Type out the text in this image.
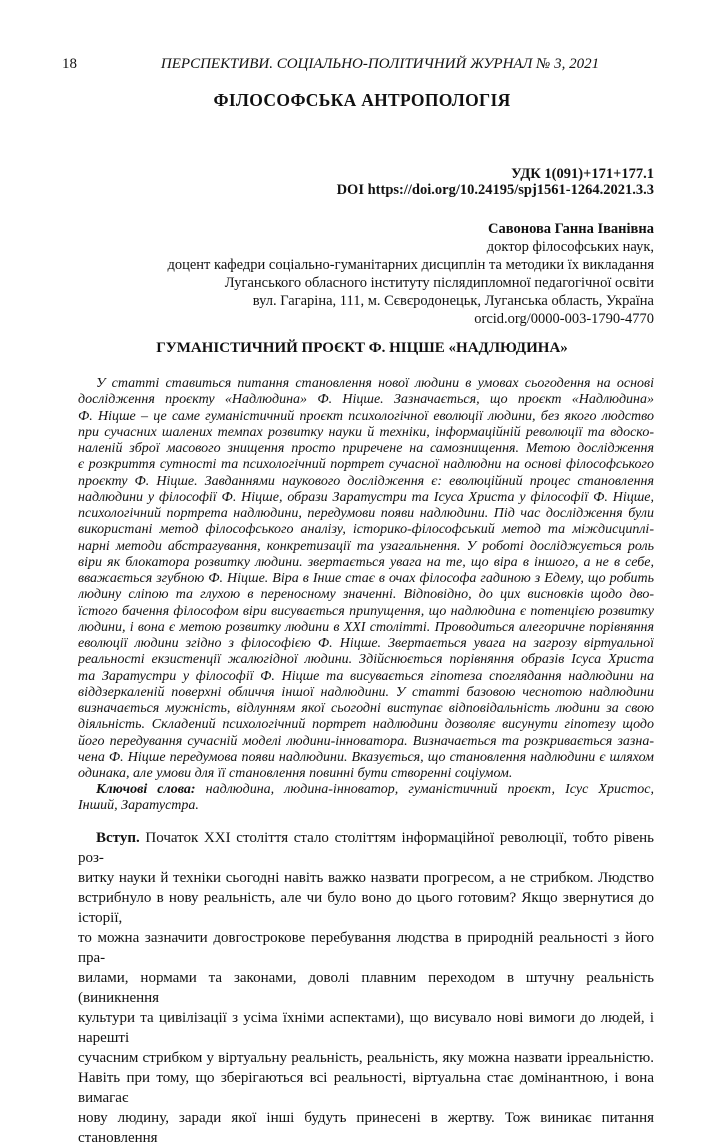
18	ПЕРСПЕКТИВИ. СОЦІАЛЬНО-ПОЛІТИЧНИЙ ЖУРНАЛ № 3, 2021
ФІЛОСОФСЬКА АНТРОПОЛОГІЯ
УДК 1(091)+171+177.1
DOI https://doi.org/10.24195/spj1561-1264.2021.3.3
Савонова Ганна Іванівна
доктор філософських наук,
доцент кафедри соціально-гуманітарних дисциплін та методики їх викладання
Луганського обласного інституту післядипломної педагогічної освіти
вул. Гагаріна, 111, м. Сєвєродонецьк, Луганська область, Україна
orcid.org/0000-003-1790-4770
ГУМАНІСТИЧНИЙ ПРОЄКТ Ф. НІЦШЕ «НАДЛЮДИНА»
У статті ставиться питання становлення нової людини в умовах сьогодення на основі
дослідження проєкту «Надлюдина» Ф. Ніцше. Зазначається, що проєкт «Надлюдина»
Ф. Ніцше – це саме гуманістичний проєкт психологічної еволюції людини, без якого людство
при сучасних шалених темпах розвитку науки й техніки, інформаційній революції та вдоско-
наленій зброї масового знищення просто приречене на самознищення. Метою дослідження
є розкриття сутності та психологічний портрет сучасної надлюдни на основі філософського
проєкту Ф. Ніцше. Завданнями наукового дослідження є: еволюційний процес становлення
надлюдини у філософії Ф. Ніцше, образи Заратустри та Ісуса Христа у філософії Ф. Ніцше,
психологічний портрета надлюдини, передумови появи надлюдини. Під час дослідження були
використані метод філософського аналізу, історико-філософський метод та міждисциплі-
нарні методи абстрагування, конкретизації та узагальнення. У роботі досліджується роль
віри як блокатора розвитку людини. звертається увага на те, що віра в іншого, а не в себе,
вважається згубною Ф. Ніцше. Віра в Інше стає в очах філософа гадиною з Едему, що робить
людину сліпою та глухою в переносному значенні. Відповідно, до цих висновків щодо дво-
їстого бачення філософом віри висувається припущення, що надлюдина є потенцією розвитку
людини, і вона є метою розвитку людини в XXI столітті. Проводиться алегоричне порівняння
еволюції людини згідно з філософією Ф. Ніцше. Звертається увага на загрозу віртуальної
реальності екзистенції жалюгідної людини. Здійснюється порівняння образів Ісуса Христа
та Заратустри у філософії Ф. Ніцше та висувається гіпотеза споглядання надлюдини на
віддзеркаленій поверхні обличчя іншої надлюдини. У статті базовою чеснотою надлюдини
визначається мужність, відлунням якої сьогодні виступає відповідальність людини за свою
діяльність. Складений психологічний портрет надлюдини дозволяє висунути гіпотезу щодо
його передування сучасній моделі людини-інноватора. Визначається та розкривається зазна-
чена Ф. Ніцше передумова появи надлюдини. Вказується, що становлення надлюдини є шляхом
одинака, але умови для її становлення повинні бути створенні соціумом.
Ключові слова: надлюдина, людина-інноватор, гуманістичний проєкт, Ісус Христос,
Інший, Заратустра.
Вступ. Початок XXI століття стало століттям інформаційної революції, тобто рівень роз-
витку науки й техніки сьогодні навіть важко назвати прогресом, а не стрибком. Людство
встрибнуло в нову реальність, але чи було воно до цього готовим? Якщо звернутися до історії,
то можна зазначити довгострокове перебування людства в природній реальності з його пра-
вилами, нормами та законами, доволі плавним переходом в штучну реальність (виникнення
культури та цивілізації з усіма їхніми аспектами), що висувало нові вимоги до людей, і нарешті
сучасним стрибком у віртуальну реальність, реальність, яку можна назвати ірреальністю.
Навіть при тому, що зберігаються всі реальності, віртуальна стає домінантною, і вона вимагає
нову людину, заради якої інші будуть принесені в жертву. Тож виникає питання становлення
